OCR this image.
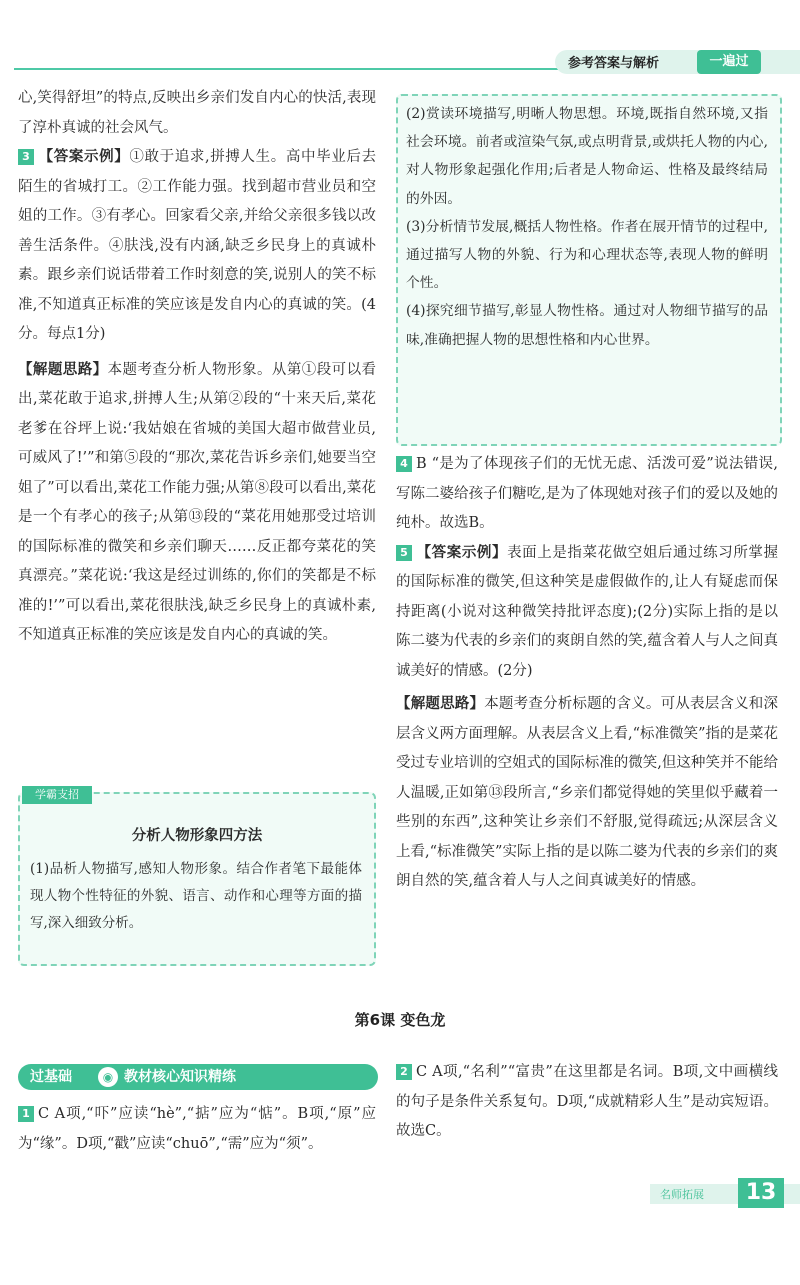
参考答案与解析	一遍过

心,笑得舒坦”的特点,反映出乡亲们发自内心的快活,表现了淳朴真诚的社会风气。

3 【答案示例】①敢于追求,拼搏人生。高中毕业后去陌生的省城打工。②工作能力强。找到超市营业员和空姐的工作。③有孝心。回家看父亲,并给父亲很多钱以改善生活条件。④肤浅,没有内涵,缺乏乡民身上的真诚朴素。跟乡亲们说话带着工作时刻意的笑,说别人的笑不标准,不知道真正标准的笑应该是发自内心的真诚的笑。(4分。每点1分)

【解题思路】本题考查分析人物形象。从第①段可以看出,菜花敢于追求,拼搏人生;从第②段的“十来天后,菜花老爹在谷坪上说:‘我姑娘在省城的美国大超市做营业员,可威风了!’”和第⑤段的“那次,菜花告诉乡亲们,她要当空姐了”可以看出,菜花工作能力强;从第⑧段可以看出,菜花是一个有孝心的孩子;从第⑬段的“菜花用她那受过培训的国际标准的微笑和乡亲们聊天……反正都夸菜花的笑真漂亮。”菜花说:‘我这是经过训练的,你们的笑都是不标准的!’”可以看出,菜花很肤浅,缺乏乡民身上的真诚朴素,不知道真正标准的笑应该是发自内心的真诚的笑。

学霸支招
分析人物形象四方法

(1)品析人物描写,感知人物形象。结合作者笔下最能体现人物个性特征的外貌、语言、动作和心理等方面的描写,深入细致分析。

(2)赏读环境描写,明晰人物思想。环境,既指自然环境,又指社会环境。前者或渲染气氛,或点明背景,或烘托人物的内心,对人物形象起强化作用;后者是人物命运、性格及最终结局的外因。

(3)分析情节发展,概括人物性格。作者在展开情节的过程中,通过描写人物的外貌、行为和心理状态等,表现人物的鲜明个性。

(4)探究细节描写,彰显人物性格。通过对人物细节描写的品味,准确把握人物的思想性格和内心世界。

4 B “是为了体现孩子们的无忧无虑、活泼可爱”说法错误,写陈二婆给孩子们糖吃,是为了体现她对孩子们的爱以及她的纯朴。故选B。

5 【答案示例】表面上是指菜花做空姐后通过练习所掌握的国际标准的微笑,但这种笑是虚假做作的,让人有疑虑而保持距离(小说对这种微笑持批评态度);(2分)实际上指的是以陈二婆为代表的乡亲们的爽朗自然的笑,蕴含着人与人之间真诚美好的情感。(2分)

【解题思路】本题考查分析标题的含义。可从表层含义和深层含义两方面理解。从表层含义上看,“标准微笑”指的是菜花受过专业培训的空姐式的国际标准的微笑,但这种笑并不能给人温暖,正如第⑬段所言,“乡亲们都觉得她的笑里似乎藏着一些别的东西”,这种笑让乡亲们不舒服,觉得疏远;从深层含义上看,“标准微笑”实际上指的是以陈二婆为代表的乡亲们的爽朗自然的笑,蕴含着人与人之间真诚美好的情感。

第6课 变色龙
过基础	◉ 教材核心知识精练

1 C A项,“吓”应读“hè”,“掂”应为“惦”。B项,“原”应为“缘”。D项,“戳”应读“chuō”,“需”应为“须”。

2 C A项,“名利”“富贵”在这里都是名词。B项,文中画横线的句子是条件关系复句。D项,“成就精彩人生”是动宾短语。故选C。

名师拓展	13
